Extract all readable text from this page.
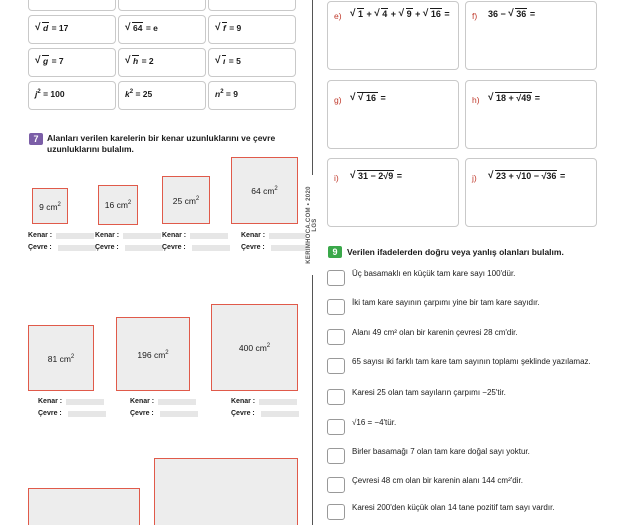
√ d = 17	√ 64 = e	√ f = 9
√ g = 7	√ h = 2	√ ı = 5
$j^2 = 100$	$k^2 = 25$	$n^2 = 9$
7	Alanları verilen karelerin bir kenar uzunluklarını ve çevre
uzunluklarını bulalım.
9 $cm^2$	16 $cm^2$	25 $cm^2$
64 $cm^2$
Kenar :
Çevre :
Kenar :
Çevre :
Kenar :
Çevre :
Kenar :
Çevre :
81 $cm^2$	196 $cm^2$
400 $cm^2$
Kenar :
Çevre :
Kenar :
Çevre :
Kenar :
Çevre :
KERIMHOCA.COM • 2020 LGS
e)	√ 1 + √ 4 + √ 9 + √ 16 =	f) 36 − √ 36 =
g)	√ √ 16 =	h)	√ 18 + √49 =
i)	√ 31 − 2√9 =	j)	√ 23 + √10 − √36 =
9	Verilen ifadelerden doğru veya yanlış olanları bulalım.
Üç basamaklı en küçük tam kare sayı 100'dür.
İki tam kare sayının çarpımı yine bir tam kare sayıdır.
Alanı 49 cm² olan bir karenin çevresi 28 cm'dir.
65 sayısı iki farklı tam kare tam sayının toplamı şeklinde yazılamaz.
Karesi 25 olan tam sayıların çarpımı −25'tir.
√16 = −4'tür.
Birler basamağı 7 olan tam kare doğal sayı yoktur.
Çevresi 48 cm olan bir karenin alanı 144 cm²'dir.
Karesi 200'den küçük olan 14 tane pozitif tam sayı vardır.
